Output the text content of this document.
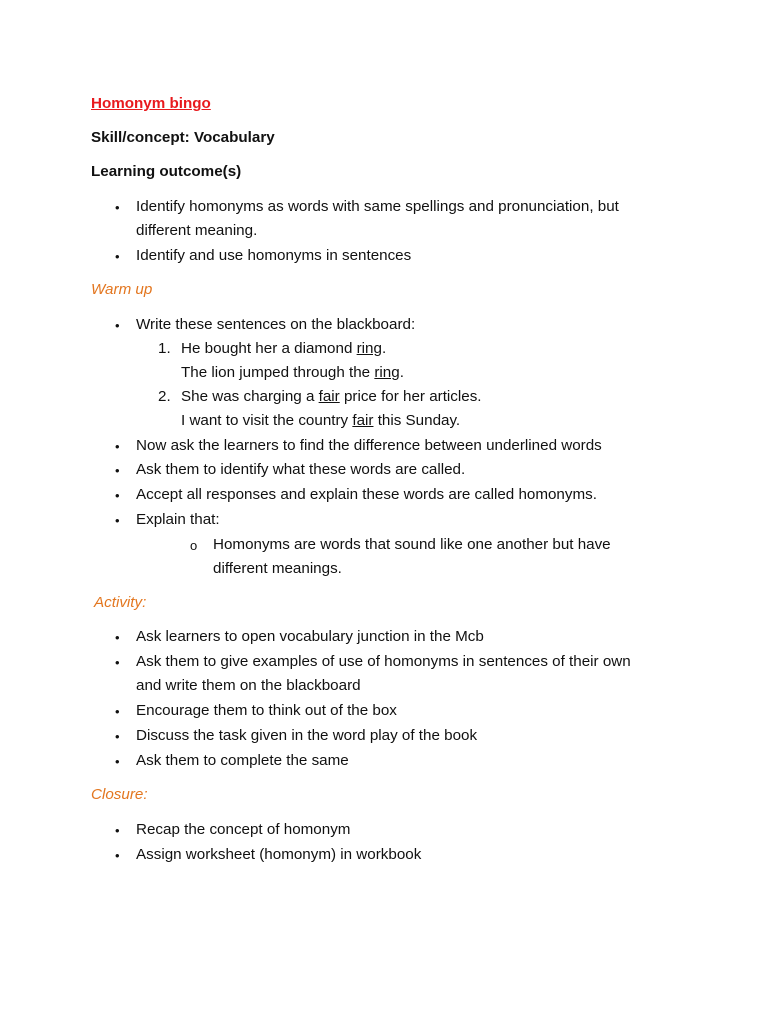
Homonym bingo
Skill/concept: Vocabulary
Learning outcome(s)
• Identify homonyms as words with same spellings and pronunciation, but
different meaning.
• Identify and use homonyms in sentences
Warm up
• Write these sentences on the blackboard:
1. He bought her a diamond ring.
The lion jumped through the ring.
2. She was charging a fair price for her articles.
I want to visit the country fair this Sunday.
• Now ask the learners to find the difference between underlined words
• Ask them to identify what these words are called.
• Accept all responses and explain these words are called homonyms.
• Explain that:
o Homonyms are words that sound like one another but have
different meanings.
Activity:
• Ask learners to open vocabulary junction in the Mcb
• Ask them to give examples of use of homonyms in sentences of their own
and write them on the blackboard
• Encourage them to think out of the box
• Discuss the task given in the word play of the book
• Ask them to complete the same
Closure:
• Recap the concept of homonym
• Assign worksheet (homonym) in workbook
